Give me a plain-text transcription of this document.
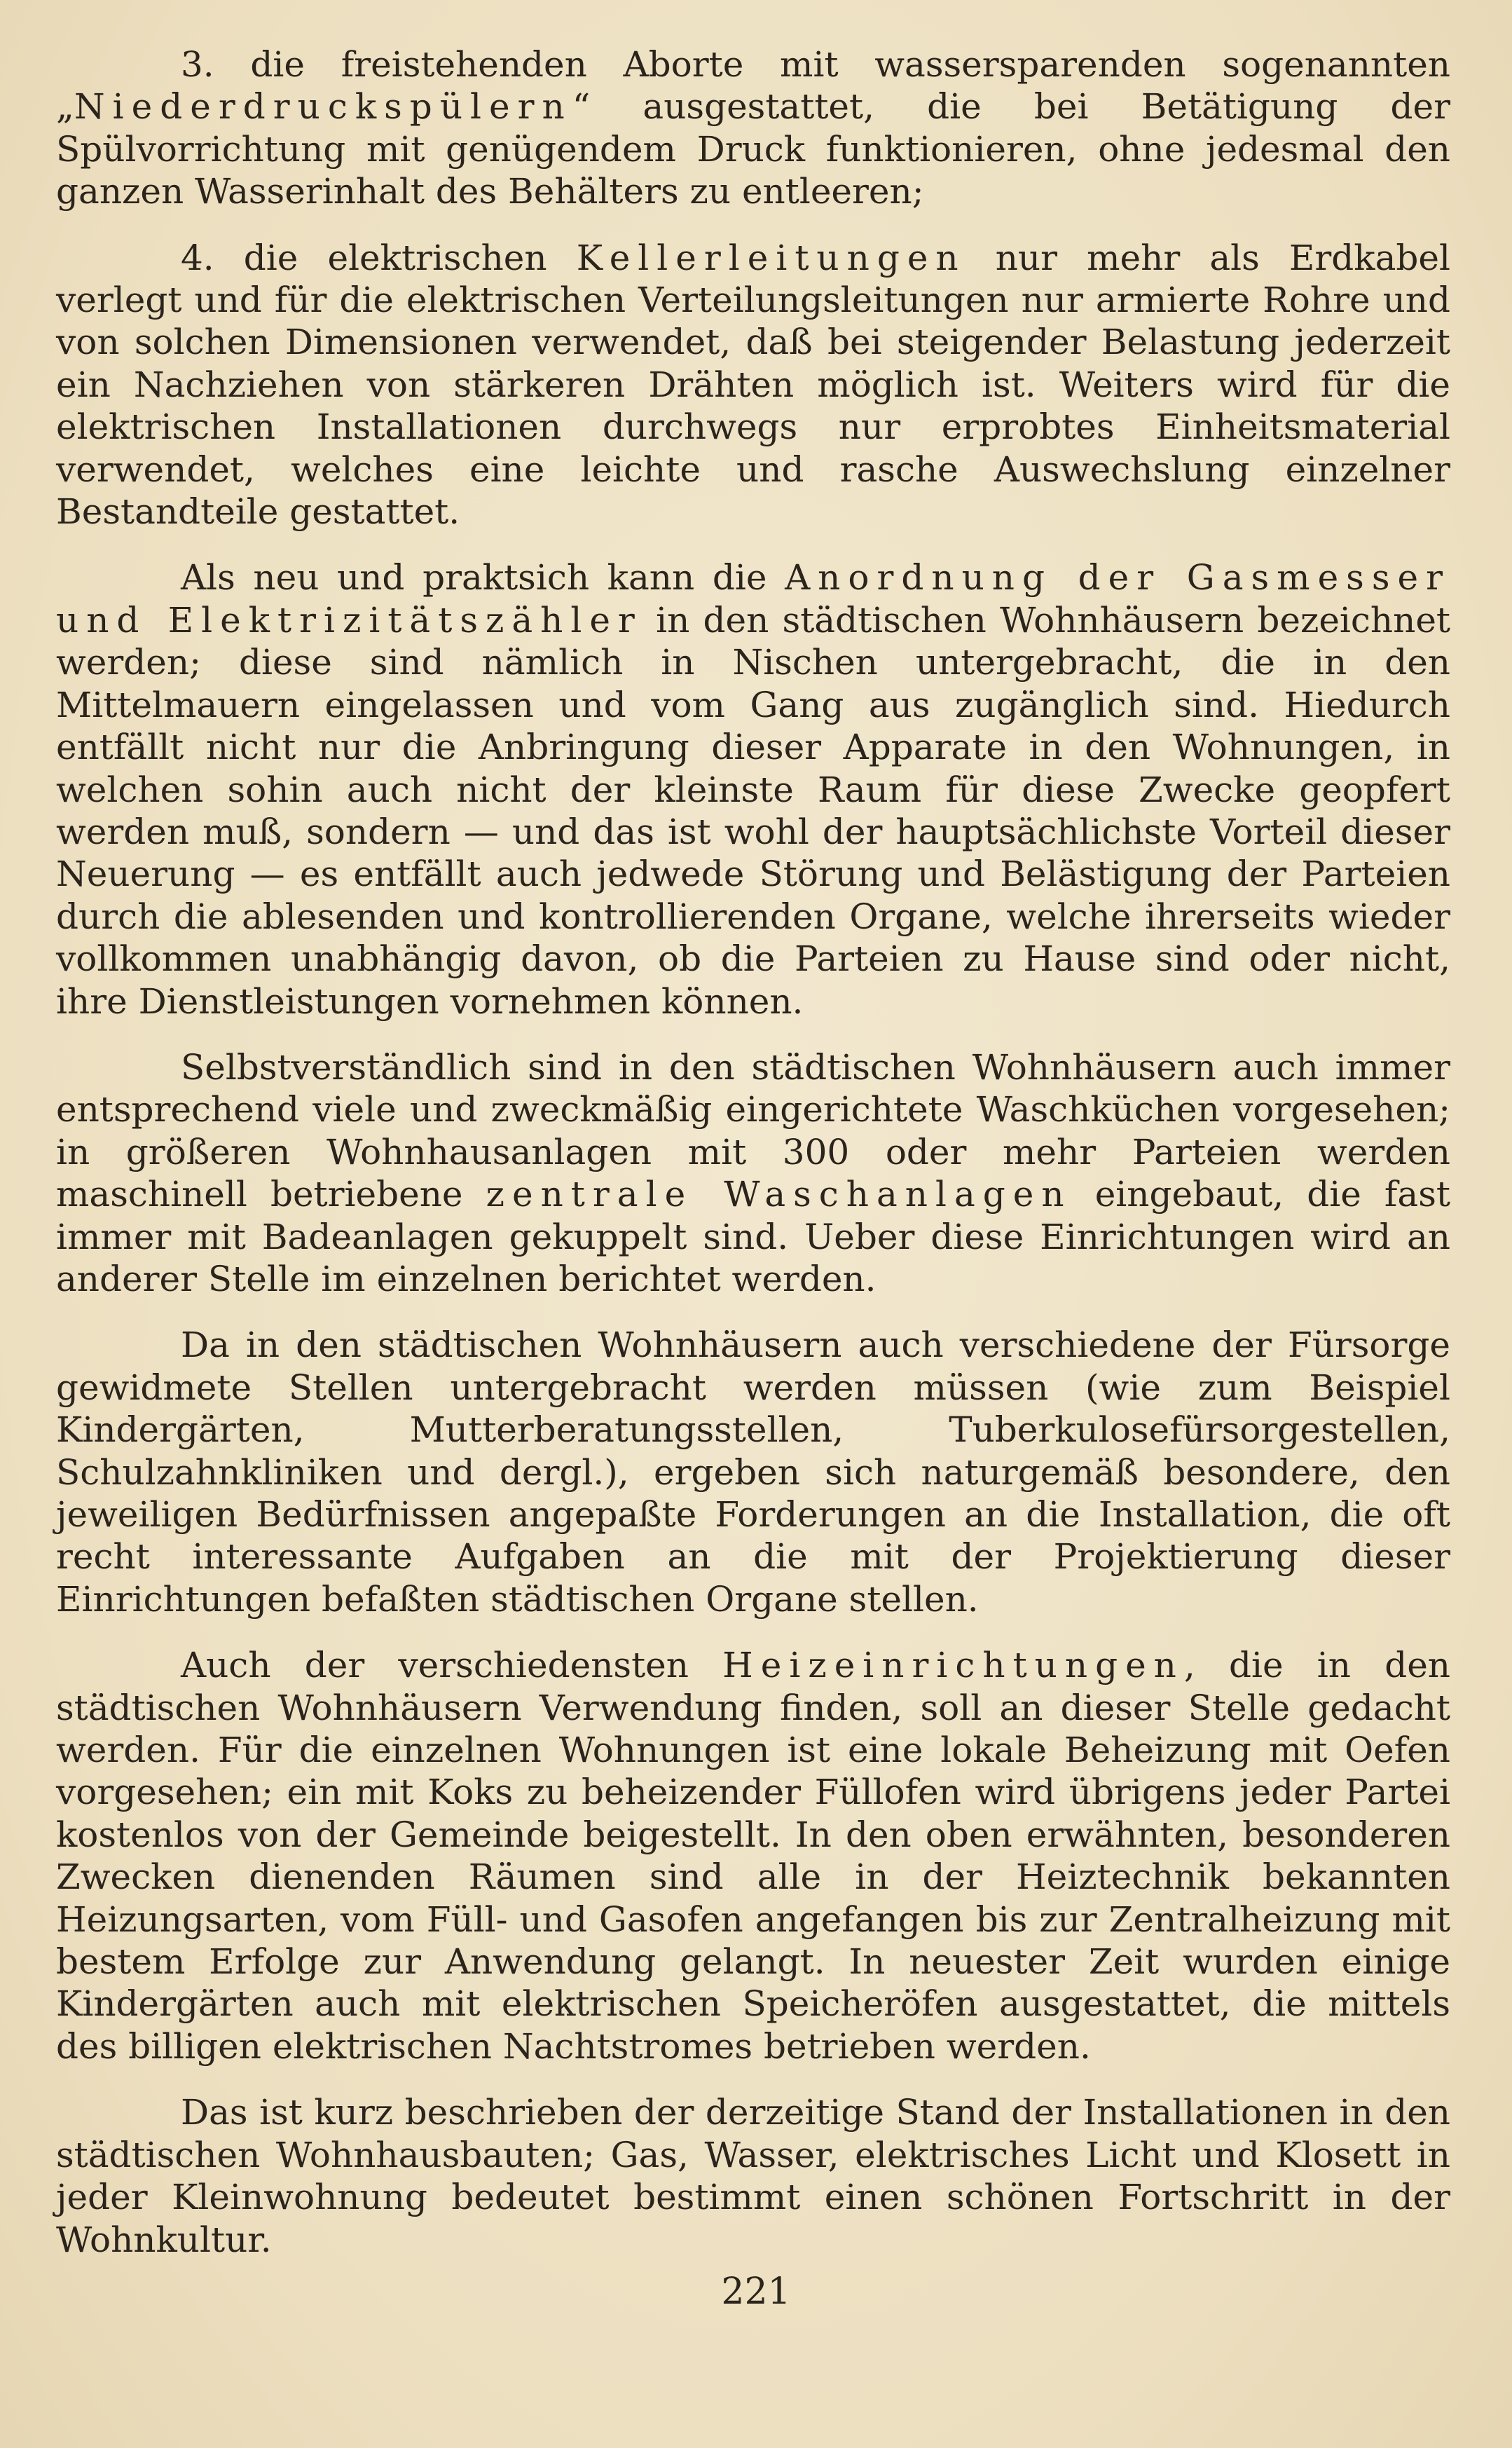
3. die freistehenden Aborte mit wassersparenden sogenannten „Niederdruckspülern“ ausgestattet, die bei Betätigung der Spülvorrichtung mit genügendem Druck funktionieren, ohne jedesmal den ganzen Wasserinhalt des Behälters zu entleeren;

4. die elektrischen Kellerleitungen nur mehr als Erdkabel verlegt und für die elektrischen Verteilungsleitungen nur armierte Rohre und von solchen Dimensionen verwendet, daß bei steigender Belastung jederzeit ein Nachziehen von stärkeren Drähten möglich ist. Weiters wird für die elektrischen Installationen durchwegs nur erprobtes Einheitsmaterial verwendet, welches eine leichte und rasche Auswechslung einzelner Bestandteile gestattet.

Als neu und praktsich kann die Anordnung der Gasmesser und Elektrizitätszähler in den städtischen Wohnhäusern bezeichnet werden; diese sind nämlich in Nischen untergebracht, die in den Mittelmauern eingelassen und vom Gang aus zugänglich sind. Hiedurch entfällt nicht nur die Anbringung dieser Apparate in den Wohnungen, in welchen sohin auch nicht der kleinste Raum für diese Zwecke geopfert werden muß, sondern — und das ist wohl der hauptsächlichste Vorteil dieser Neuerung — es entfällt auch jedwede Störung und Belästigung der Parteien durch die ablesenden und kontrollierenden Organe, welche ihrerseits wieder vollkommen unabhängig davon, ob die Parteien zu Hause sind oder nicht, ihre Dienstleistungen vornehmen können.

Selbstverständlich sind in den städtischen Wohnhäusern auch immer entsprechend viele und zweckmäßig eingerichtete Waschküchen vorgesehen; in größeren Wohnhausanlagen mit 300 oder mehr Parteien werden maschinell betriebene zentrale Waschanlagen eingebaut, die fast immer mit Badeanlagen gekuppelt sind. Ueber diese Einrichtungen wird an anderer Stelle im einzelnen berichtet werden.

Da in den städtischen Wohnhäusern auch verschiedene der Fürsorge gewidmete Stellen untergebracht werden müssen (wie zum Beispiel Kindergärten, Mutterberatungsstellen, Tuberkulosefürsorgestellen, Schulzahnkliniken und dergl.), ergeben sich naturgemäß besondere, den jeweiligen Bedürfnissen angepaßte Forderungen an die Installation, die oft recht interessante Aufgaben an die mit der Projektierung dieser Einrichtungen befaßten städtischen Organe stellen.

Auch der verschiedensten Heizeinrichtungen, die in den städtischen Wohnhäusern Verwendung finden, soll an dieser Stelle gedacht werden. Für die einzelnen Wohnungen ist eine lokale Beheizung mit Oefen vorgesehen; ein mit Koks zu beheizender Füllofen wird übrigens jeder Partei kostenlos von der Gemeinde beigestellt. In den oben erwähnten, besonderen Zwecken dienenden Räumen sind alle in der Heiztechnik bekannten Heizungsarten, vom Füll- und Gasofen angefangen bis zur Zentralheizung mit bestem Erfolge zur Anwendung gelangt. In neuester Zeit wurden einige Kindergärten auch mit elektrischen Speicheröfen ausgestattet, die mittels des billigen elektrischen Nachtstromes betrieben werden.

Das ist kurz beschrieben der derzeitige Stand der Installationen in den städtischen Wohnhausbauten; Gas, Wasser, elektrisches Licht und Klosett in jeder Kleinwohnung bedeutet bestimmt einen schönen Fortschritt in der Wohnkultur.

221
